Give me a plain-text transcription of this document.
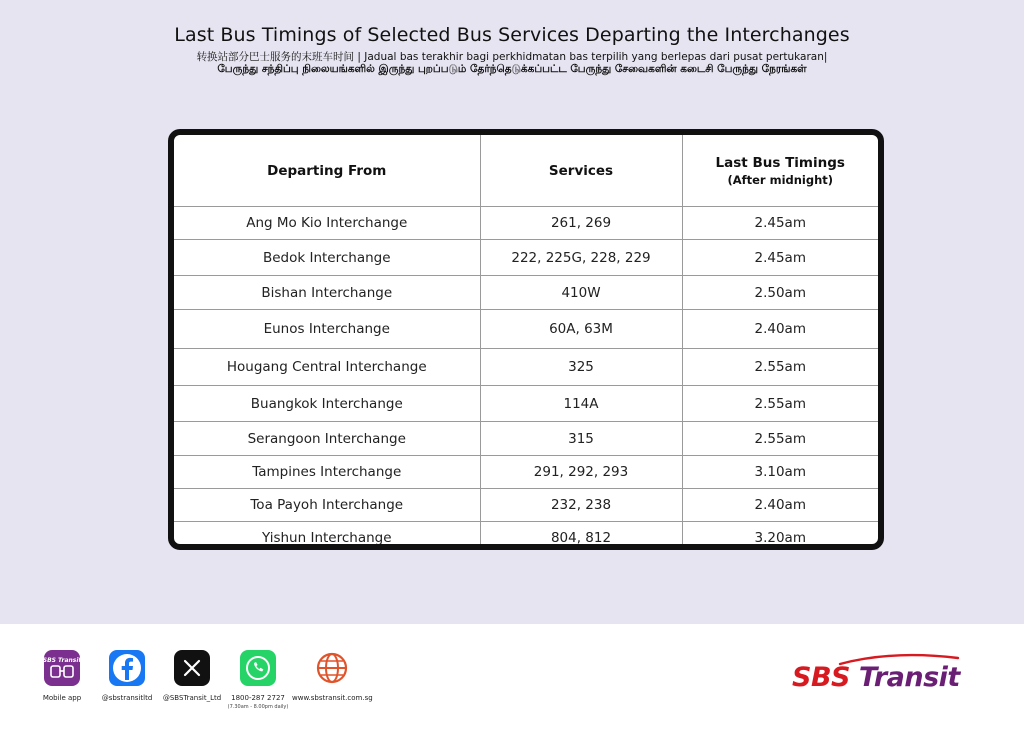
Last Bus Timings of Selected Bus Services Departing the Interchanges
转换站部分巴士服务的末班车时间 | Jadual bas terakhir bagi perkhidmatan bas terpilih yang berlepas dari pusat pertukaran|
பேருந்து சந்திப்பு நிலையங்களில் இருந்து புறப்படும் தேர்ந்தெடுக்கப்பட்ட பேருந்து சேவைகளின் கடைசி பேருந்து நேரங்கள்
Departing From	Services	Last Bus Timings
(After midnight)

Ang Mo Kio Interchange	261, 269	2.45am
Bedok Interchange	222, 225G, 228, 229	2.45am
Bishan Interchange	410W	2.50am
Eunos Interchange	60A, 63M	2.40am
Hougang Central Interchange	325	2.55am
Buangkok Interchange	114A	2.55am
Serangoon Interchange	315	2.55am
Tampines Interchange	291, 292, 293	3.10am
Toa Payoh Interchange	232, 238	2.40am
Yishun Interchange	804, 812	3.20am
SBS Transit
Mobile app	@sbstransitltd	@SBSTransit_Ltd	1800-287 2727
(7.30am - 8.00pm daily)
www.sbstransit.com.sg
SBS Transit
